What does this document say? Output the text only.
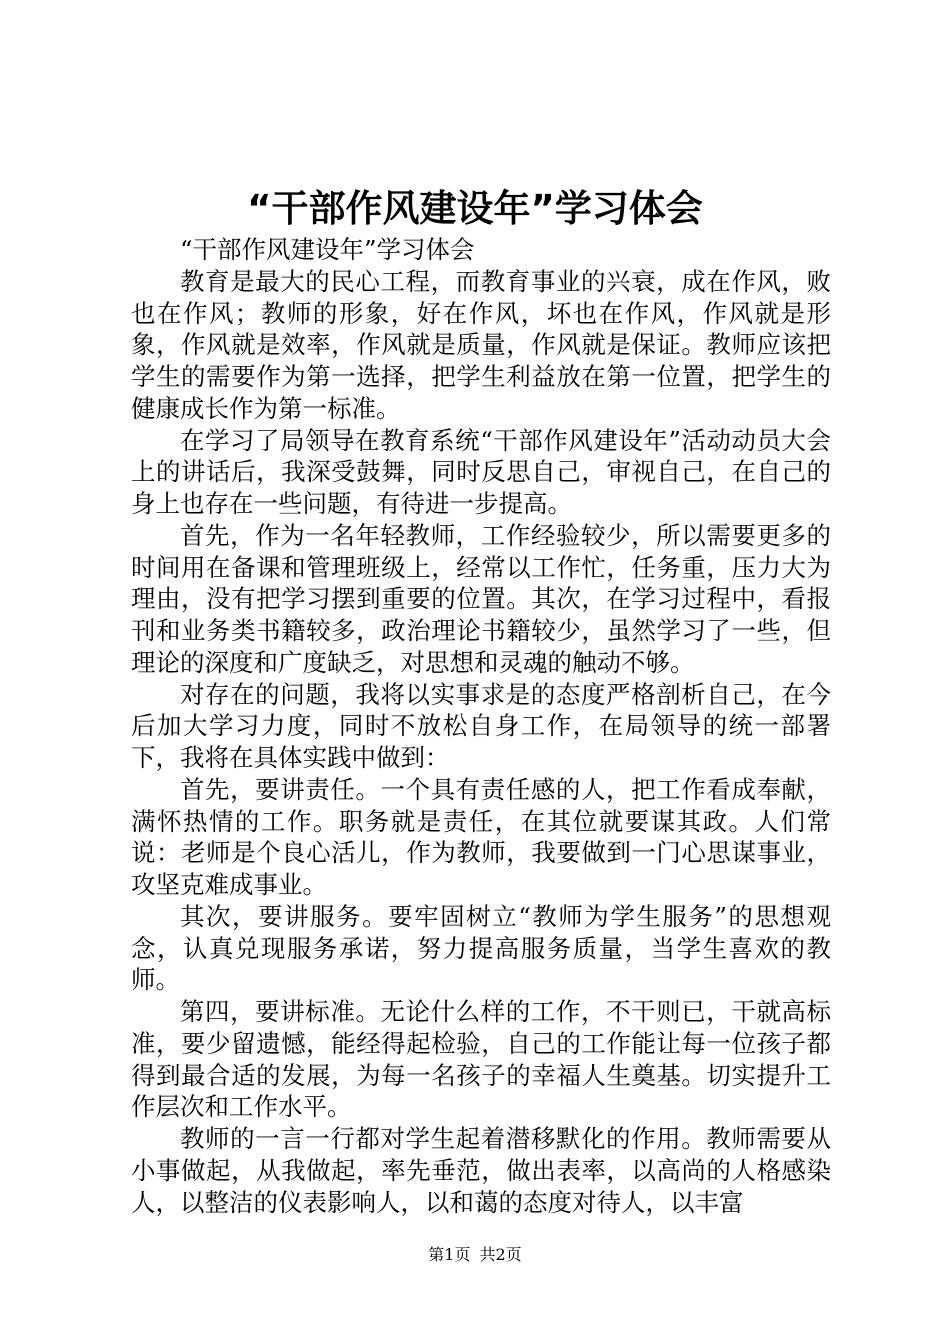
“干部作风建设年”学习体会

“干部作风建设年”学习体会

教育是最大的民心工程，而教育事业的兴衰，成在作风，败也在作风；教师的形象，好在作风，坏也在作风，作风就是形象，作风就是效率，作风就是质量，作风就是保证。教师应该把学生的需要作为第一选择，把学生利益放在第一位置，把学生的健康成长作为第一标准。

在学习了局领导在教育系统“干部作风建设年”活动动员大会上的讲话后，我深受鼓舞，同时反思自己，审视自己，在自己的身上也存在一些问题，有待进一步提高。

首先，作为一名年轻教师，工作经验较少，所以需要更多的时间用在备课和管理班级上，经常以工作忙，任务重，压力大为理由，没有把学习摆到重要的位置。其次，在学习过程中，看报刊和业务类书籍较多，政治理论书籍较少，虽然学习了一些，但理论的深度和广度缺乏，对思想和灵魂的触动不够。

对存在的问题，我将以实事求是的态度严格剖析自己，在今后加大学习力度，同时不放松自身工作，在局领导的统一部署下，我将在具体实践中做到：

首先，要讲责任。一个具有责任感的人，把工作看成奉献，满怀热情的工作。职务就是责任，在其位就要谋其政。人们常说：老师是个良心活儿，作为教师，我要做到一门心思谋事业，攻坚克难成事业。

其次，要讲服务。要牢固树立“教师为学生服务”的思想观念，认真兑现服务承诺，努力提高服务质量，当学生喜欢的教师。

第四，要讲标准。无论什么样的工作，不干则已，干就高标准，要少留遗憾，能经得起检验，自己的工作能让每一位孩子都得到最合适的发展，为每一名孩子的幸福人生奠基。切实提升工作层次和工作水平。

教师的一言一行都对学生起着潜移默化的作用。教师需要从小事做起，从我做起，率先垂范，做出表率，以高尚的人格感染人，以整洁的仪表影响人，以和蔼的态度对待人，以丰富

第1页 共2页
